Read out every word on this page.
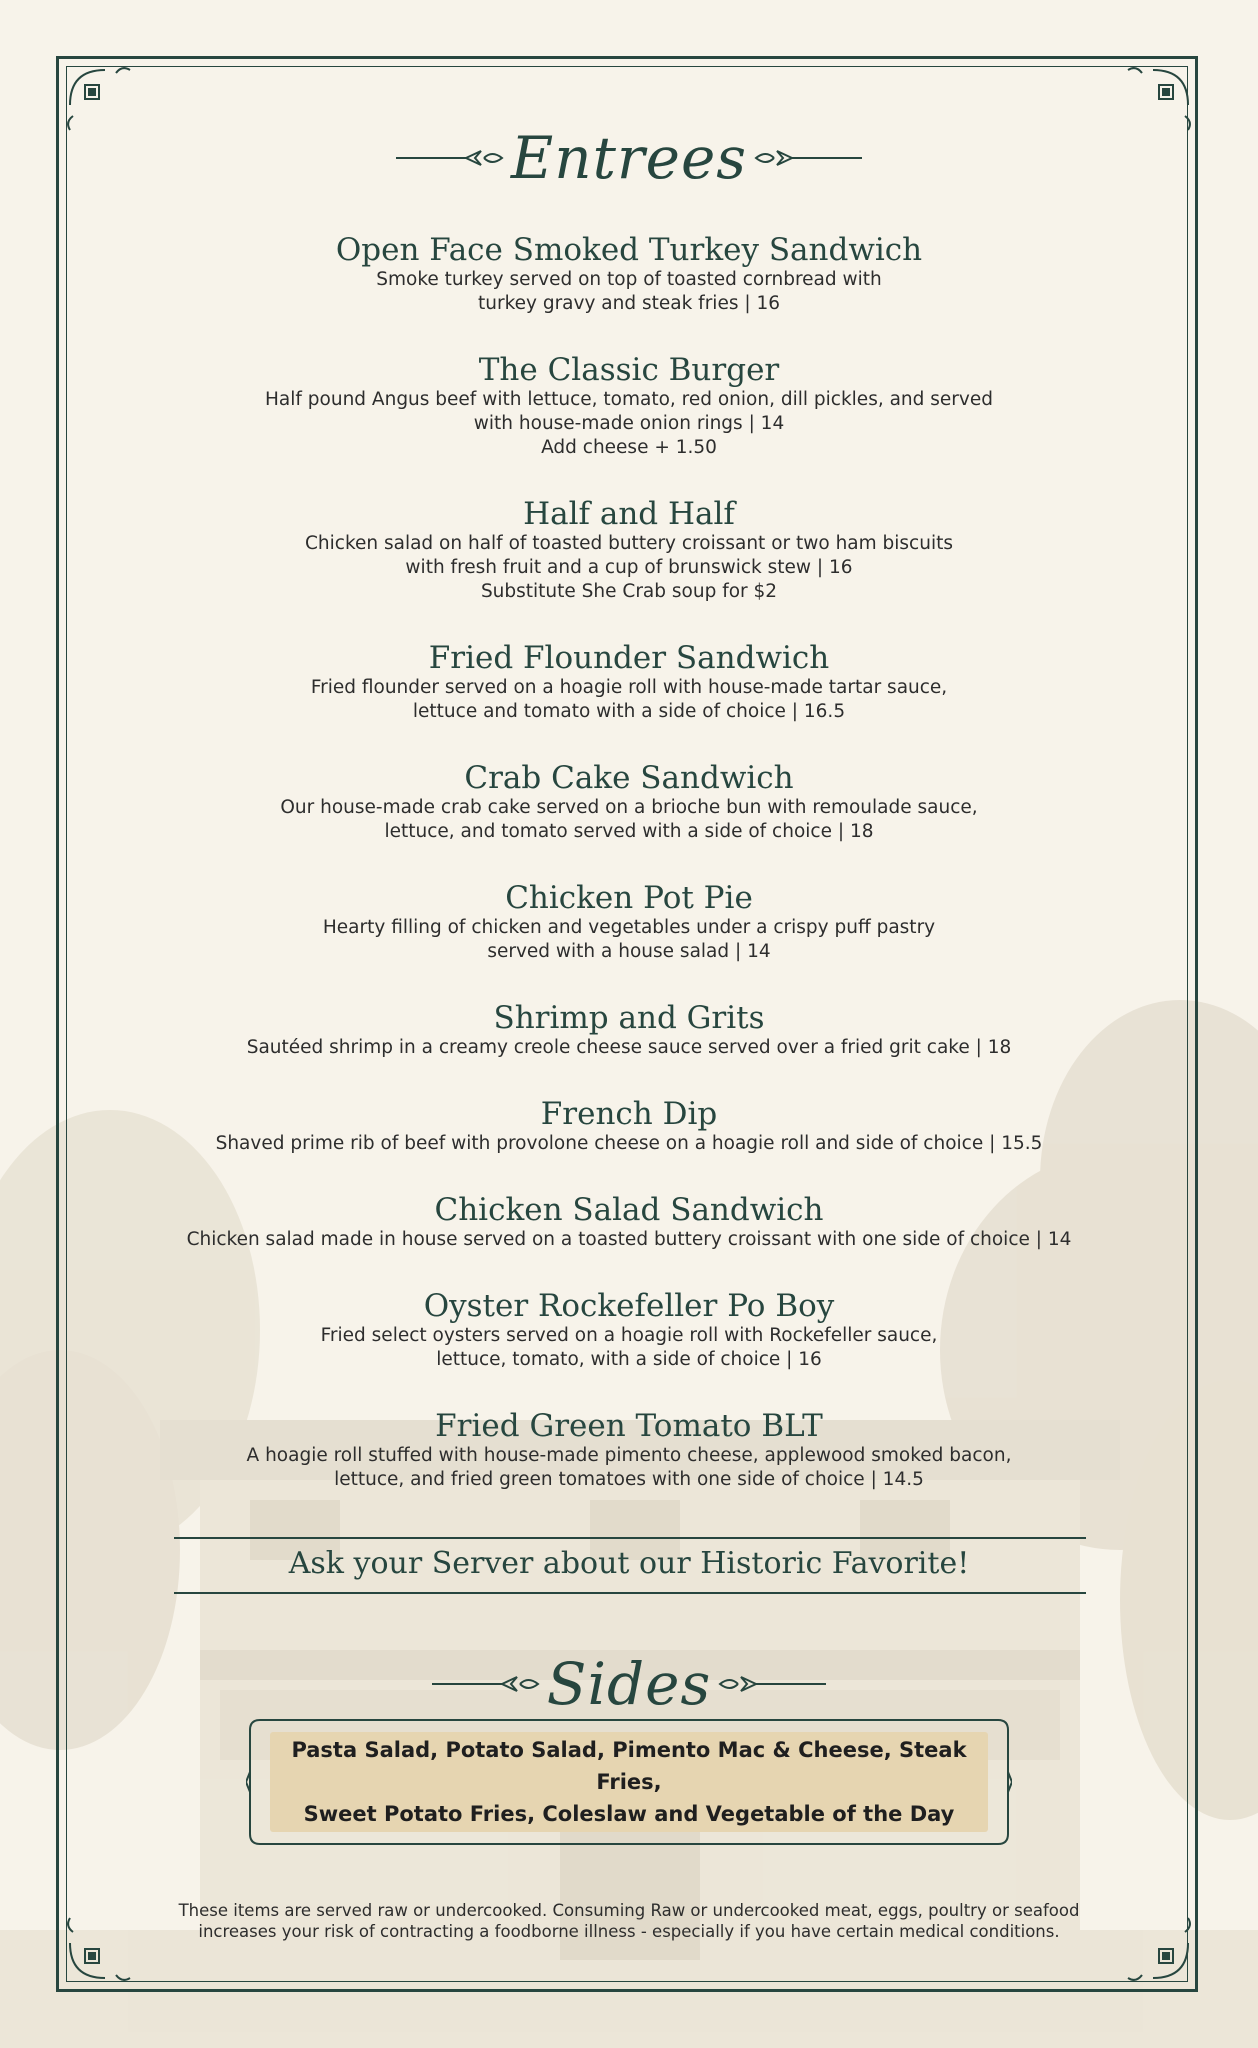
Entrees
Open Face Smoked Turkey Sandwich
Smoke turkey served on top of toasted cornbread with
turkey gravy and steak fries | 16
The Classic Burger
Half pound Angus beef with lettuce, tomato, red onion, dill pickles, and served
with house-made onion rings | 14
Add cheese + 1.50
Half and Half
Chicken salad on half of toasted buttery croissant or two ham biscuits
with fresh fruit and a cup of brunswick stew | 16
Substitute She Crab soup for $2
Fried Flounder Sandwich
Fried flounder served on a hoagie roll with house-made tartar sauce,
lettuce and tomato with a side of choice | 16.5
Crab Cake Sandwich
Our house-made crab cake served on a brioche bun with remoulade sauce,
lettuce, and tomato served with a side of choice | 18
Chicken Pot Pie
Hearty filling of chicken and vegetables under a crispy puff pastry
served with a house salad | 14
Shrimp and Grits
Sautéed shrimp in a creamy creole cheese sauce served over a fried grit cake | 18
French Dip
Shaved prime rib of beef with provolone cheese on a hoagie roll and side of choice | 15.5
Chicken Salad Sandwich
Chicken salad made in house served on a toasted buttery croissant with one side of choice | 14
Oyster Rockefeller Po Boy
Fried select oysters served on a hoagie roll with Rockefeller sauce,
lettuce, tomato, with a side of choice | 16
Fried Green Tomato BLT
A hoagie roll stuffed with house-made pimento cheese, applewood smoked bacon,
lettuce, and fried green tomatoes with one side of choice | 14.5
Ask your Server about our Historic Favorite!
Sides
Pasta Salad, Potato Salad, Pimento Mac & Cheese, Steak Fries,
Sweet Potato Fries, Coleslaw and Vegetable of the Day
These items are served raw or undercooked. Consuming Raw or undercooked meat, eggs, poultry or seafood
increases your risk of contracting a foodborne illness - especially if you have certain medical conditions.
